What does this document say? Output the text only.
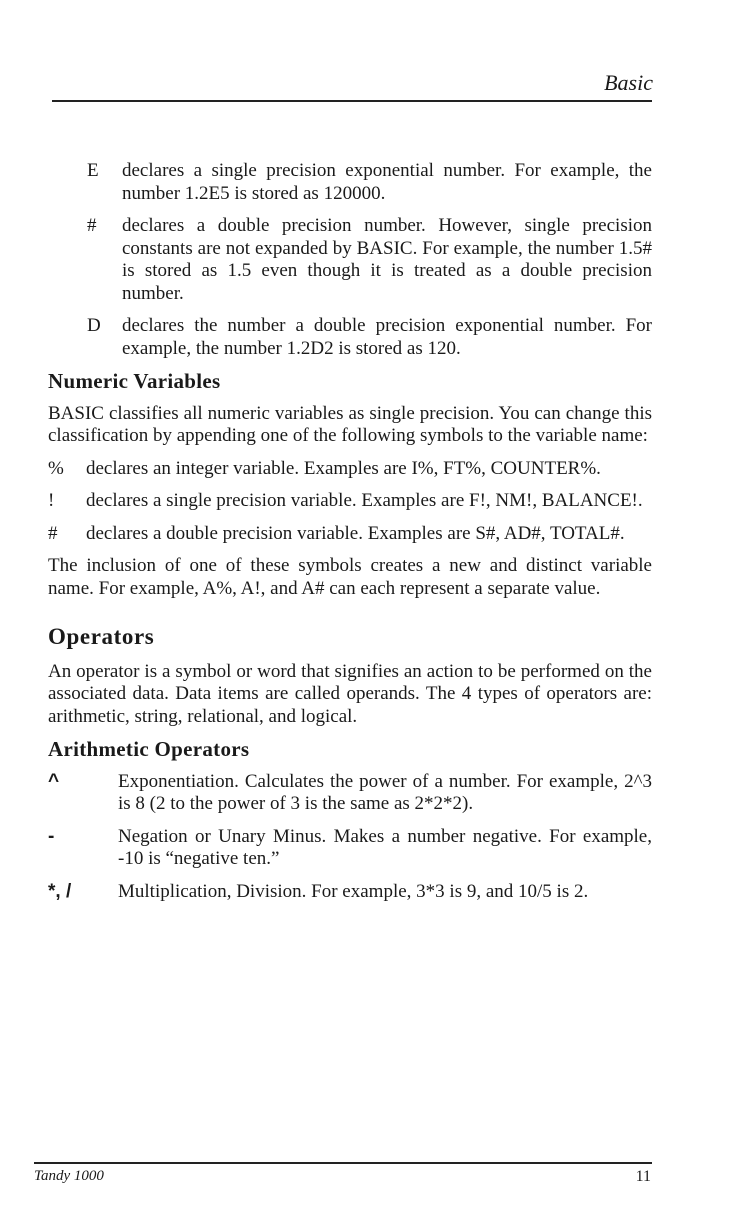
Basic
E	declares a single precision exponential number. For example, the number 1.2E5 is stored as 120000.
#	declares a double precision number. However, single precision constants are not expanded by BASIC. For example, the number 1.5# is stored as 1.5 even though it is treated as a double precision number.
D	declares the number a double precision exponential number. For example, the number 1.2D2 is stored as 120.
Numeric Variables

BASIC classifies all numeric variables as single precision. You can change this classification by appending one of the following symbols to the variable name:

%	declares an integer variable. Examples are I%, FT%, COUNTER%.
!	declares a single precision variable. Examples are F!, NM!, BALANCE!.
#	declares a double precision variable. Examples are S#, AD#, TOTAL#.

The inclusion of one of these symbols creates a new and distinct variable name. For example, A%, A!, and A# can each represent a separate value.

Operators

An operator is a symbol or word that signifies an action to be performed on the associated data. Data items are called operands. The 4 types of operators are: arithmetic, string, relational, and logical.

Arithmetic Operators
^	Exponentiation. Calculates the power of a number. For example, 2^3 is 8 (2 to the power of 3 is the same as 2*2*2).
-	Negation or Unary Minus. Makes a number negative. For example, -10 is “negative ten.”
*, /	Multiplication, Division. For example, 3*3 is 9, and 10/5 is 2.
Tandy 1000	11
